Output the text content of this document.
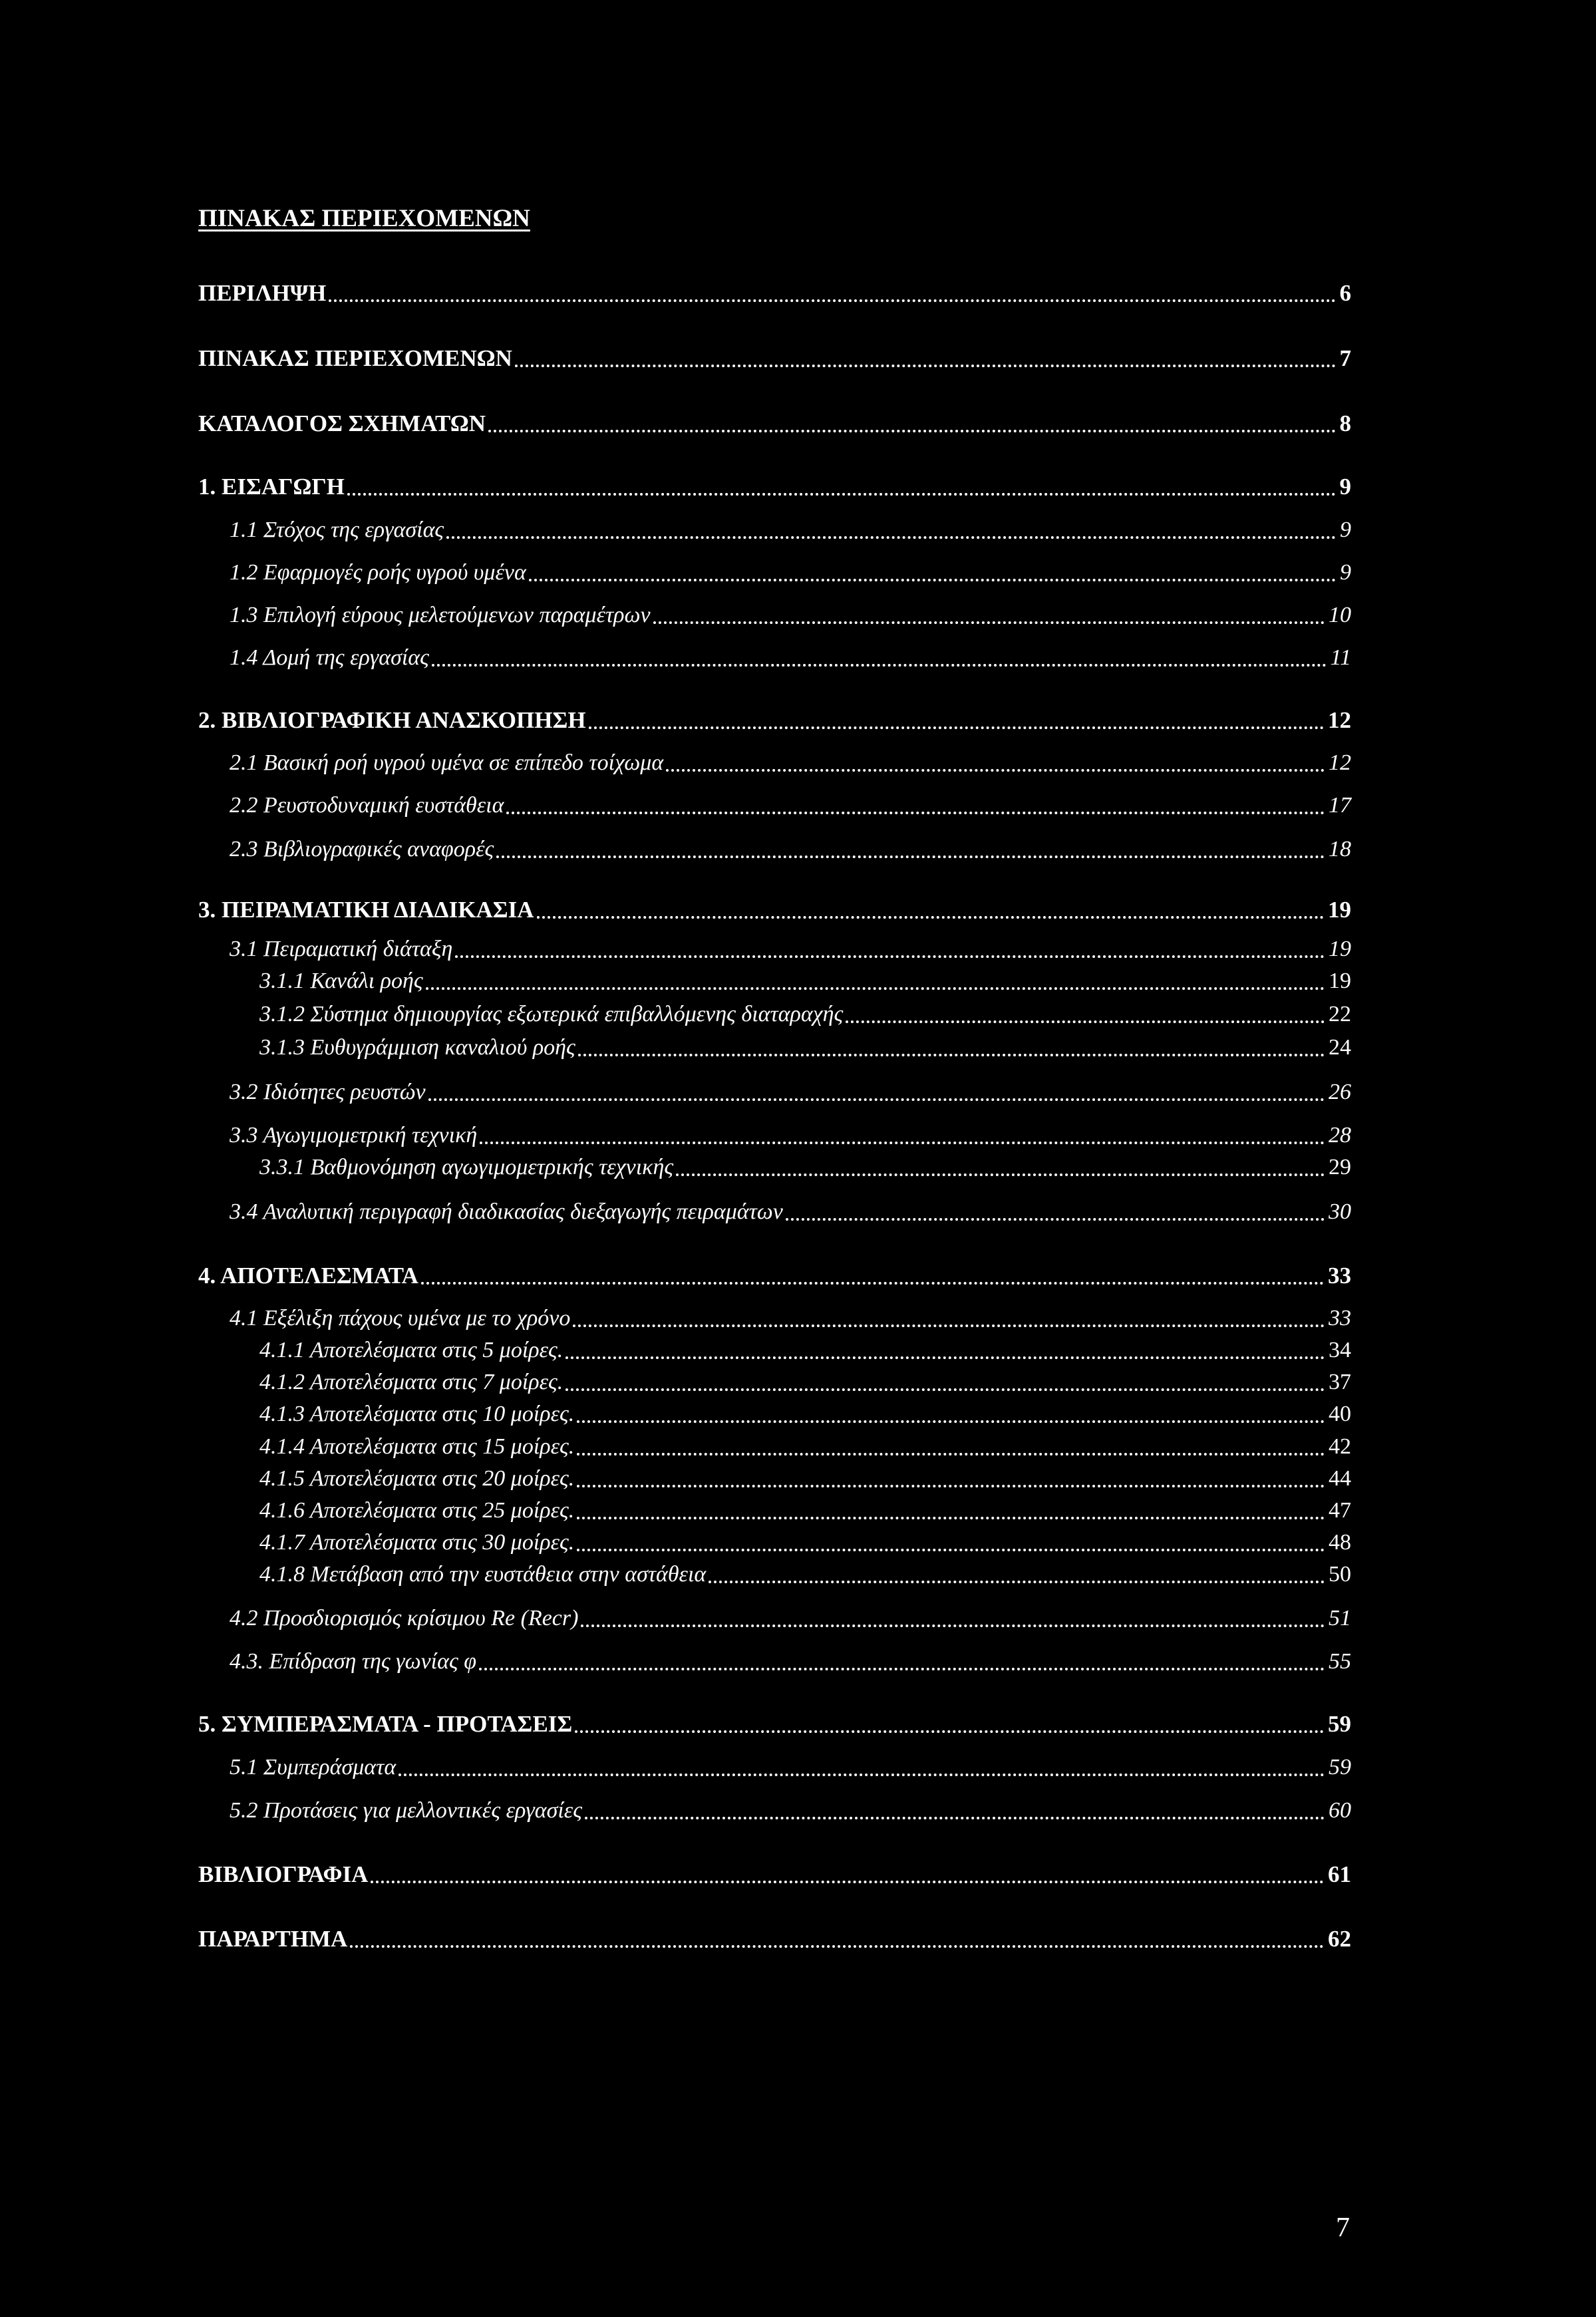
ΠΙΝΑΚΑΣ ΠΕΡΙΕΧΟΜΕΝΩΝ
ΠΕΡΙΛΗΨΗ	6
ΠΙΝΑΚΑΣ ΠΕΡΙΕΧΟΜΕΝΩΝ	7
ΚΑΤΑΛΟΓΟΣ ΣΧΗΜΑΤΩΝ	8
1. ΕΙΣΑΓΩΓΗ	9
1.1 Στόχος της εργασίας	9
1.2 Εφαρμογές ροής υγρού υμένα	9
1.3 Επιλογή εύρους μελετούμενων παραμέτρων	10
1.4 Δομή της εργασίας	11
2. ΒΙΒΛΙΟΓΡΑΦΙΚΗ ΑΝΑΣΚΟΠΗΣΗ	12
2.1 Βασική ροή υγρού υμένα σε επίπεδο τοίχωμα	12
2.2 Ρευστοδυναμική ευστάθεια	17
2.3 Βιβλιογραφικές αναφορές	18
3. ΠΕΙΡΑΜΑΤΙΚΗ ΔΙΑΔΙΚΑΣΙΑ	19
3.1 Πειραματική διάταξη	19
3.1.1 Κανάλι ροής	19
3.1.2 Σύστημα δημιουργίας εξωτερικά επιβαλλόμενης διαταραχής	22
3.1.3 Ευθυγράμμιση καναλιού ροής	24
3.2 Ιδιότητες ρευστών	26
3.3 Αγωγιμομετρική τεχνική	28
3.3.1 Βαθμονόμηση αγωγιμομετρικής τεχνικής	29
3.4 Αναλυτική περιγραφή διαδικασίας διεξαγωγής πειραμάτων	30
4. ΑΠΟΤΕΛΕΣΜΑΤΑ	33
4.1 Εξέλιξη πάχους υμένα με το χρόνο	33
4.1.1 Αποτελέσματα στις 5 μοίρες.	34
4.1.2 Αποτελέσματα στις 7 μοίρες.	37
4.1.3 Αποτελέσματα στις 10 μοίρες.	40
4.1.4 Αποτελέσματα στις 15 μοίρες.	42
4.1.5 Αποτελέσματα στις 20 μοίρες.	44
4.1.6 Αποτελέσματα στις 25 μοίρες.	47
4.1.7 Αποτελέσματα στις 30 μοίρες.	48
4.1.8 Μετάβαση από την ευστάθεια στην αστάθεια	50
4.2 Προσδιορισμός κρίσιμου Re (Recr)	51
4.3. Επίδραση της γωνίας φ	55
5. ΣΥΜΠΕΡΑΣΜΑΤΑ - ΠΡΟΤΑΣΕΙΣ	59
5.1 Συμπεράσματα	59
5.2 Προτάσεις για μελλοντικές εργασίες	60
ΒΙΒΛΙΟΓΡΑΦΙΑ	61
ΠΑΡΑΡΤΗΜΑ	62
7
